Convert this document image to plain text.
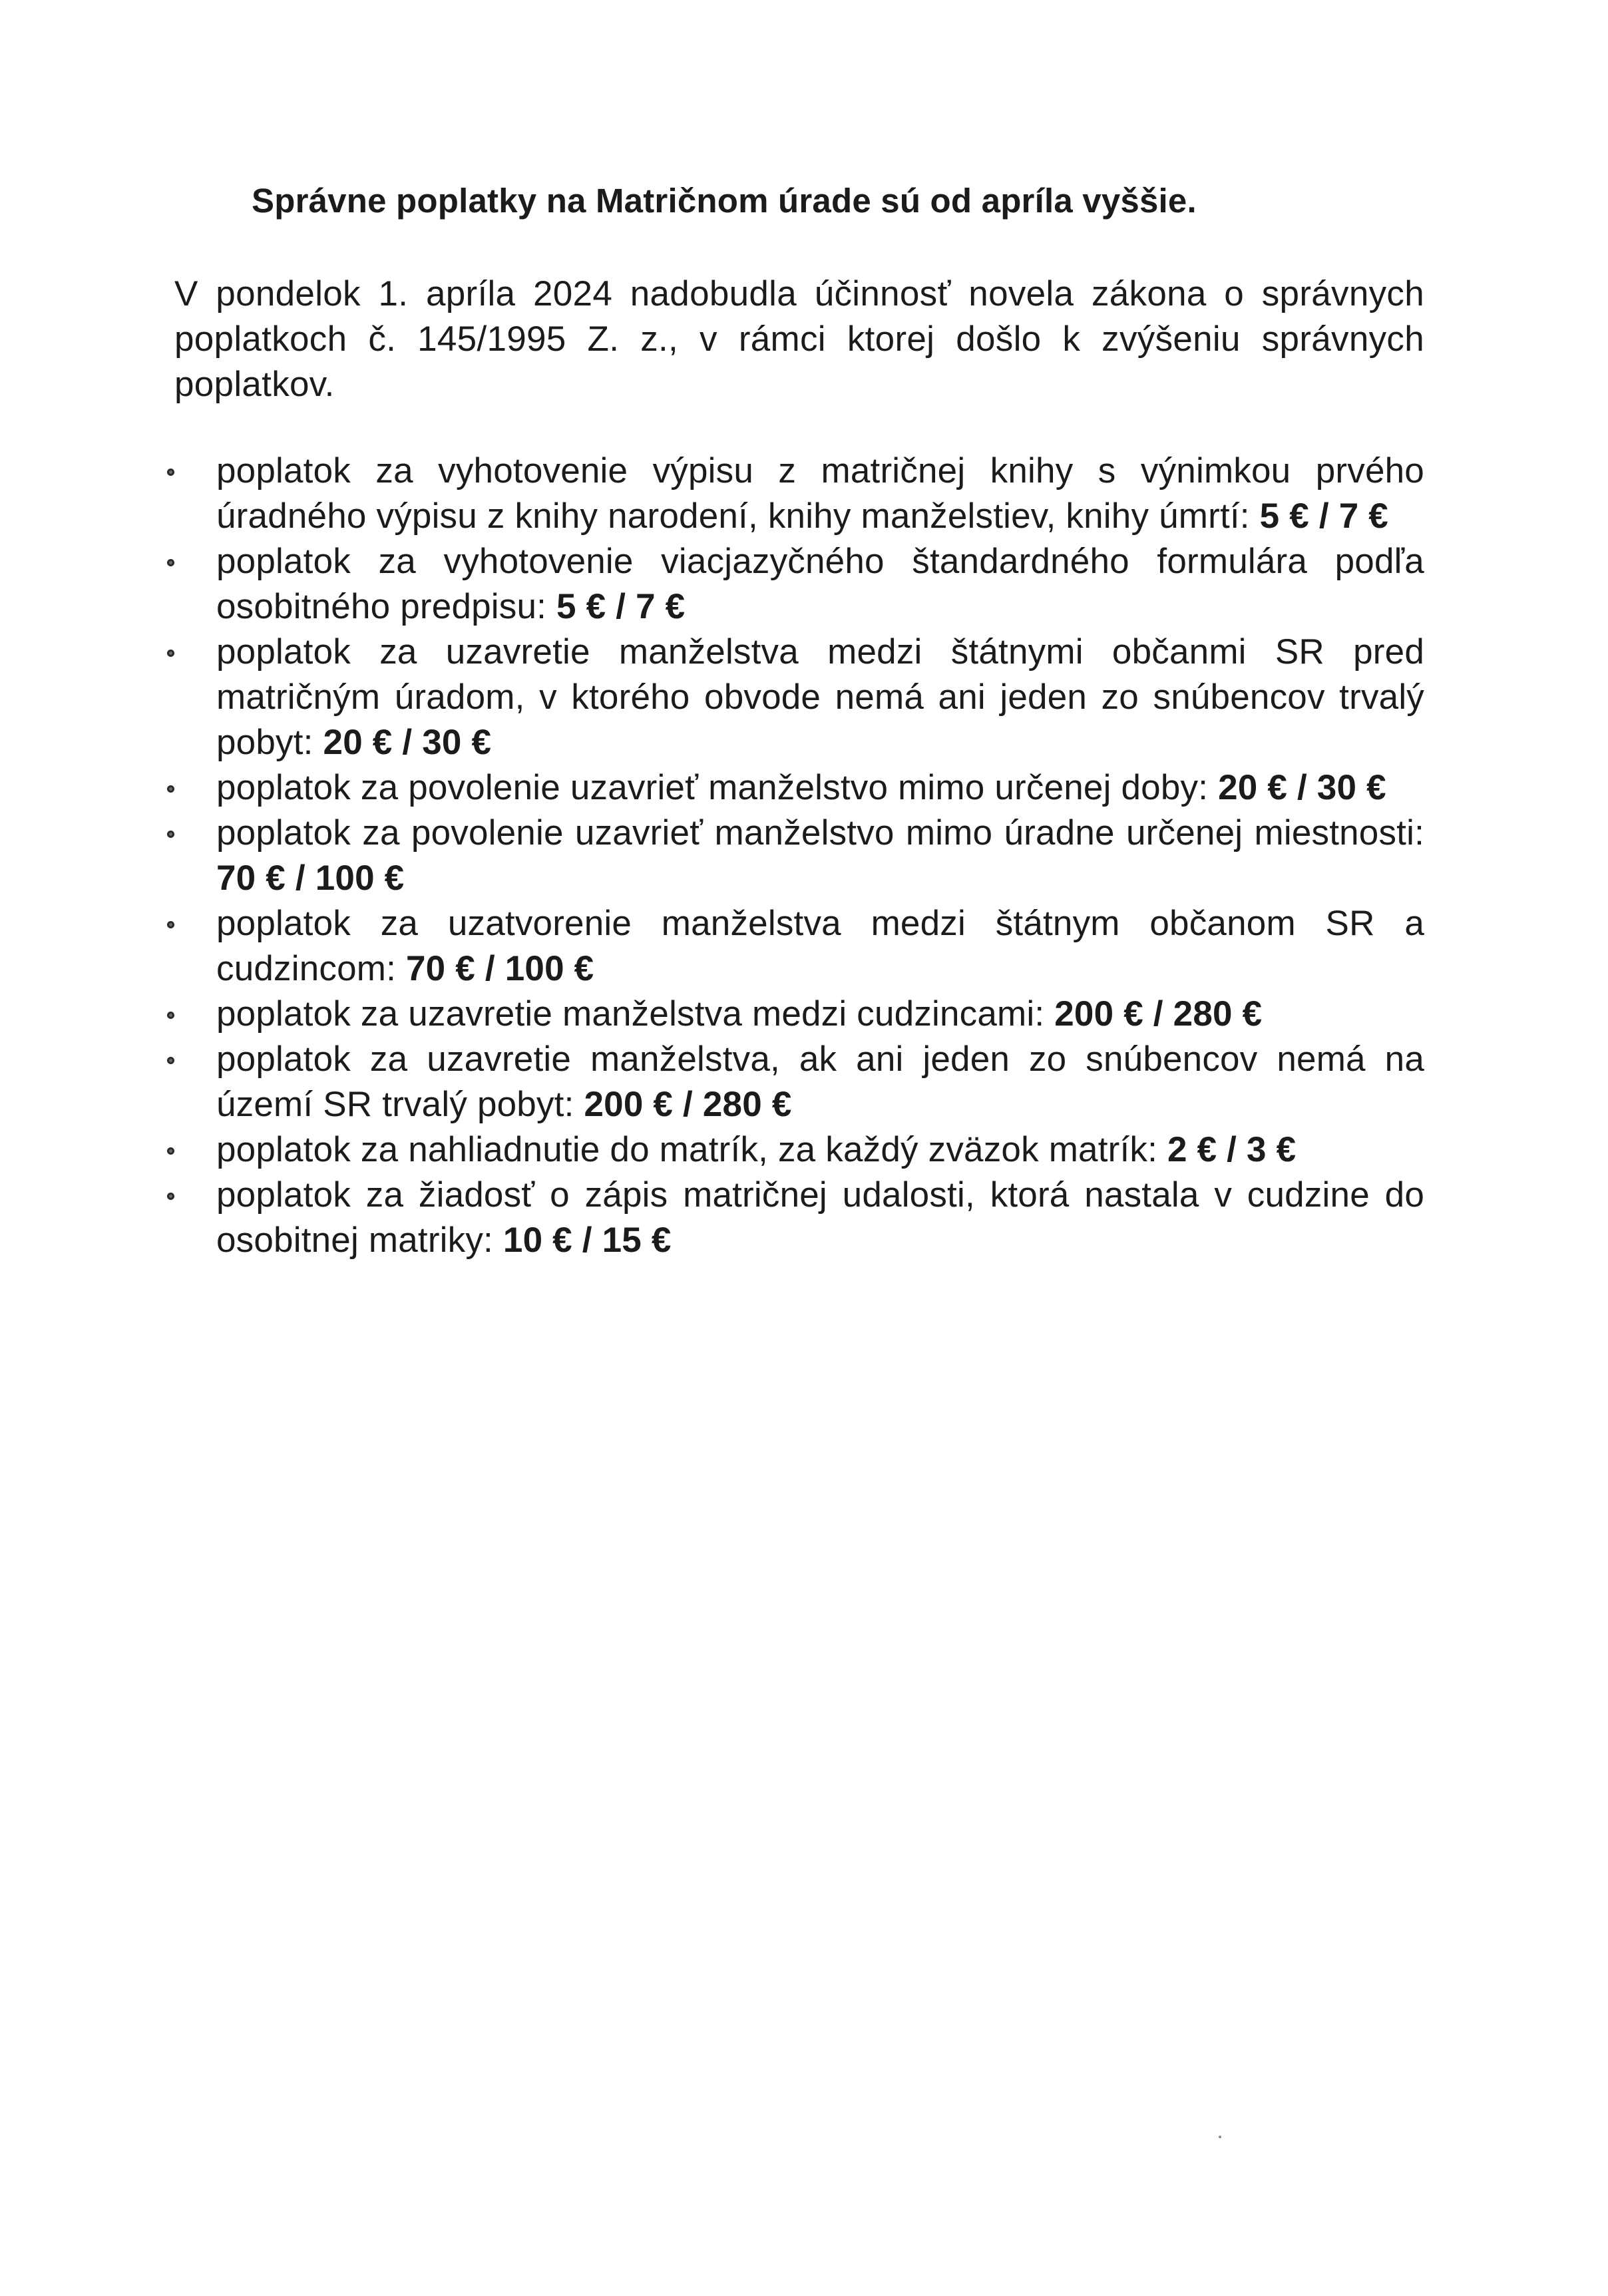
Správne poplatky na Matričnom úrade sú od apríla vyššie.
V pondelok 1. apríla 2024 nadobudla účinnosť novela zákona o správnych poplatkoch č. 145/1995 Z. z., v rámci ktorej došlo k zvýšeniu správnych poplatkov.
poplatok za vyhotovenie výpisu z matričnej knihy s výnimkou prvého úradného výpisu z knihy narodení, knihy manželstiev, knihy úmrtí: 5 € / 7 €
poplatok za vyhotovenie viacjazyčného štandardného formulára podľa osobitného predpisu: 5 € / 7 €
poplatok za uzavretie manželstva medzi štátnymi občanmi SR pred matričným úradom, v ktorého obvode nemá ani jeden zo snúbencov trvalý pobyt: 20 € / 30 €
poplatok za povolenie uzavrieť manželstvo mimo určenej doby: 20 € / 30 €
poplatok za povolenie uzavrieť manželstvo mimo úradne určenej miestnosti: 70 € / 100 €
poplatok za uzatvorenie manželstva medzi štátnym občanom SR a cudzincom: 70 € / 100 €
poplatok za uzavretie manželstva medzi cudzincami: 200 € / 280 €
poplatok za uzavretie manželstva, ak ani jeden zo snúbencov nemá na území SR trvalý pobyt: 200 € / 280 €
poplatok za nahliadnutie do matrík, za každý zväzok matrík: 2 € / 3 €
poplatok za žiadosť o zápis matričnej udalosti, ktorá nastala v cudzine do osobitnej matriky: 10 € / 15 €
